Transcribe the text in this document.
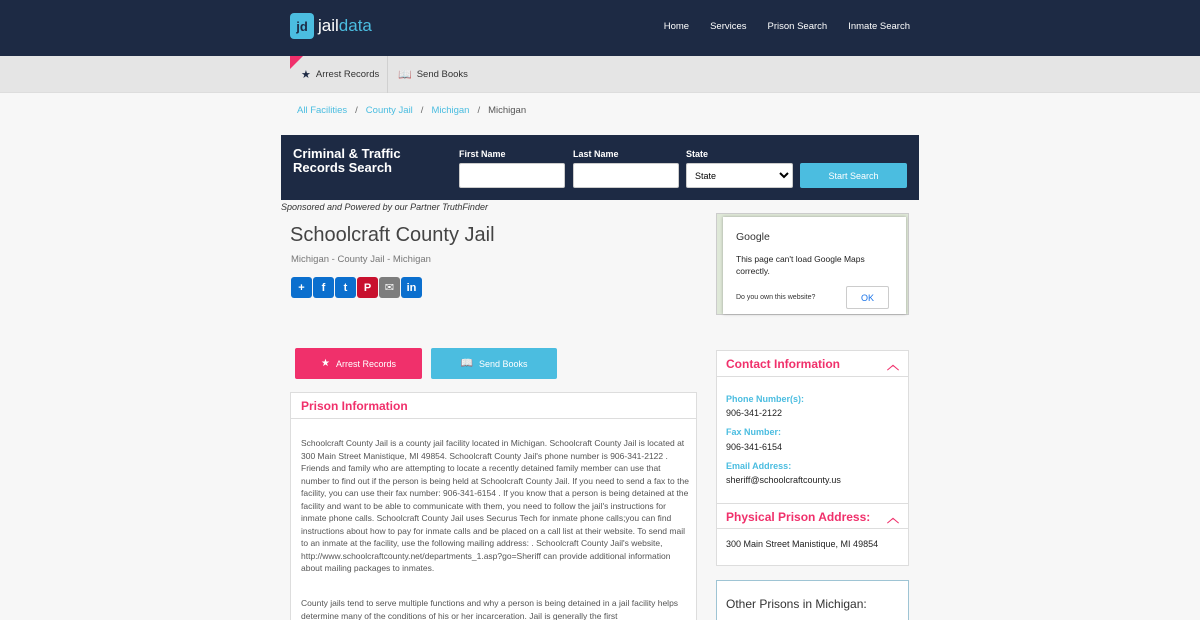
jd jaildata	Home Services Prison Search Inmate Search
★ Arrest Records 📖 Send Books
All Facilities / County Jail / Michigan / Michigan
Criminal & Traffic Records Search
First Name	Last Name	State
State
Start Search
Sponsored and Powered by our Partner TruthFinder
Schoolcraft County Jail
Michigan - County Jail - Michigan
+	f	t	P	✉	in
Google
This page can't load Google Maps correctly.
Do you own this website?	OK
★ Arrest Records	📖 Send Books
Prison Information
Schoolcraft County Jail is a county jail facility located in Michigan. Schoolcraft County Jail is located at 300 Main Street Manistique, MI 49854. Schoolcraft County Jail's phone number is 906-341-2122 . Friends and family who are attempting to locate a recently detained family member can use that number to find out if the person is being held at Schoolcraft County Jail. If you need to send a fax to the facility, you can use their fax number: 906-341-6154 . If you know that a person is being detained at the facility and want to be able to communicate with them, you need to follow the jail's instructions for inmate phone calls. Schoolcraft County Jail uses Securus Tech for inmate phone calls;you can find instructions about how to pay for inmate calls and be placed on a call list at their website. To send mail to an inmate at the facility, use the following mailing address: . Schoolcraft County Jail's website, http://www.schoolcraftcounty.net/departments_1.asp?go=Sheriff can provide additional information about mailing packages to inmates.
County jails tend to serve multiple functions and why a person is being detained in a jail facility helps determine many of the conditions of his or her incarceration. Jail is generally the first
Contact Information	︿
Phone Number(s):
906-341-2122
Fax Number:
906-341-6154
Email Address:
sheriff@schoolcraftcounty.us
Physical Prison Address: ︿
300 Main Street Manistique, MI 49854
Other Prisons in Michigan:
